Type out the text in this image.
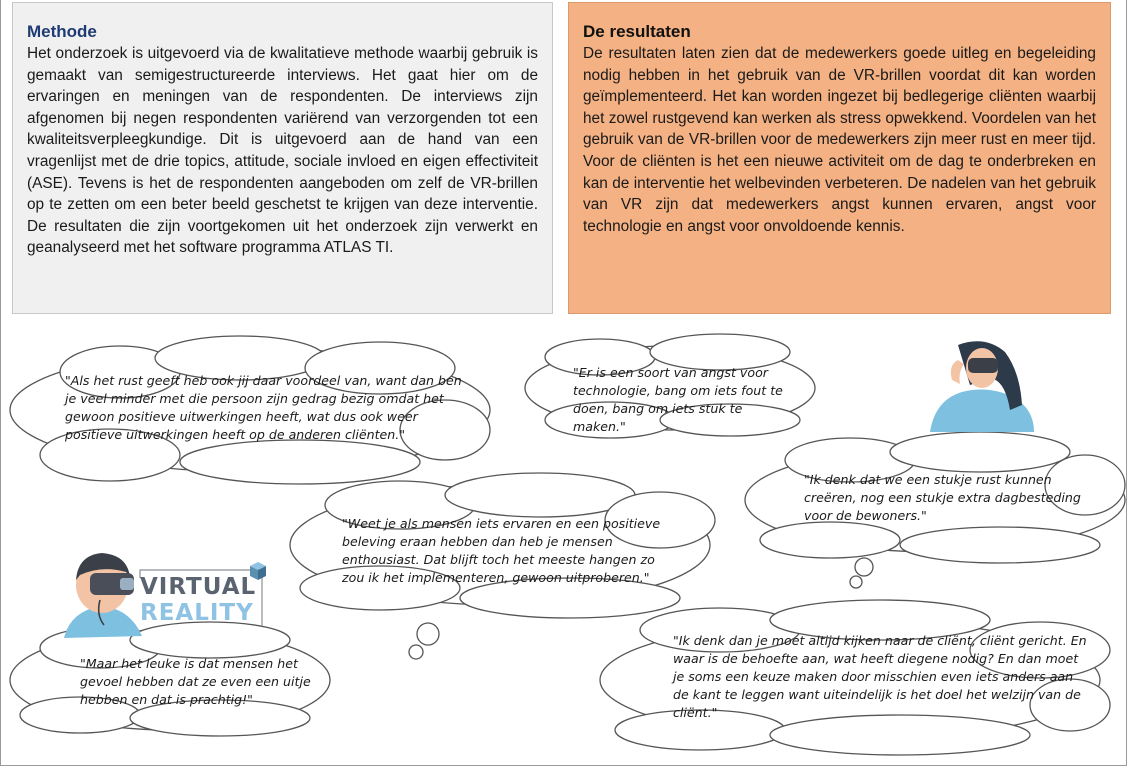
Methode

Het onderzoek is uitgevoerd via de kwalitatieve methode waarbij gebruik is gemaakt van semigestructureerde interviews. Het gaat hier om de ervaringen en meningen van de respondenten. De interviews zijn afgenomen bij negen respondenten variërend van verzorgenden tot een kwaliteitsverpleegkundige. Dit is uitgevoerd aan de hand van een vragenlijst met de drie topics, attitude, sociale invloed en eigen effectiviteit (ASE). Tevens is het de respondenten aangeboden om zelf de VR-brillen op te zetten om een beter beeld geschetst te krijgen van deze interventie. De resultaten die zijn voortgekomen uit het onderzoek zijn verwerkt en geanalyseerd met het software programma ATLAS TI.

De resultaten

De resultaten laten zien dat de medewerkers goede uitleg en begeleiding nodig hebben in het gebruik van de VR-brillen voordat dit kan worden geïmplementeerd. Het kan worden ingezet bij bedlegerige cliënten waarbij het zowel rustgevend kan werken als stress opwekkend. Voordelen van het gebruik van de VR-brillen voor de medewerkers zijn meer rust en meer tijd. Voor de cliënten is het een nieuwe activiteit om de dag te onderbreken en kan de interventie het welbevinden verbeteren. De nadelen van het gebruik van VR zijn dat medewerkers angst kunnen ervaren, angst voor technologie en angst voor onvoldoende kennis.

VIRTUAL
REALITY

"Als het rust geeft heb ook jij daar voordeel van, want dan ben je veel minder met die persoon zijn gedrag bezig omdat het gewoon positieve uitwerkingen heeft, wat dus ook weer positieve uitwerkingen heeft op de anderen cliënten."

"Er is een soort van angst voor technologie, bang om iets fout te doen, bang om iets stuk te maken."

"Ik denk dat we een stukje rust kunnen creëren, nog een stukje extra dagbesteding voor de bewoners."

"Weet je als mensen iets ervaren en een positieve beleving eraan hebben dan heb je mensen enthousiast. Dat blijft toch het meeste hangen zo zou ik het implementeren, gewoon uitproberen."

"Maar het leuke is dat mensen het gevoel hebben dat ze even een uitje hebben en dat is prachtig!"

"Ik denk dan je moet altijd kijken naar de cliënt, cliënt gericht. En waar is de behoefte aan, wat heeft diegene nodig? En dan moet je soms een keuze maken door misschien even iets anders aan de kant te leggen want uiteindelijk is het doel het welzijn van de cliënt."
